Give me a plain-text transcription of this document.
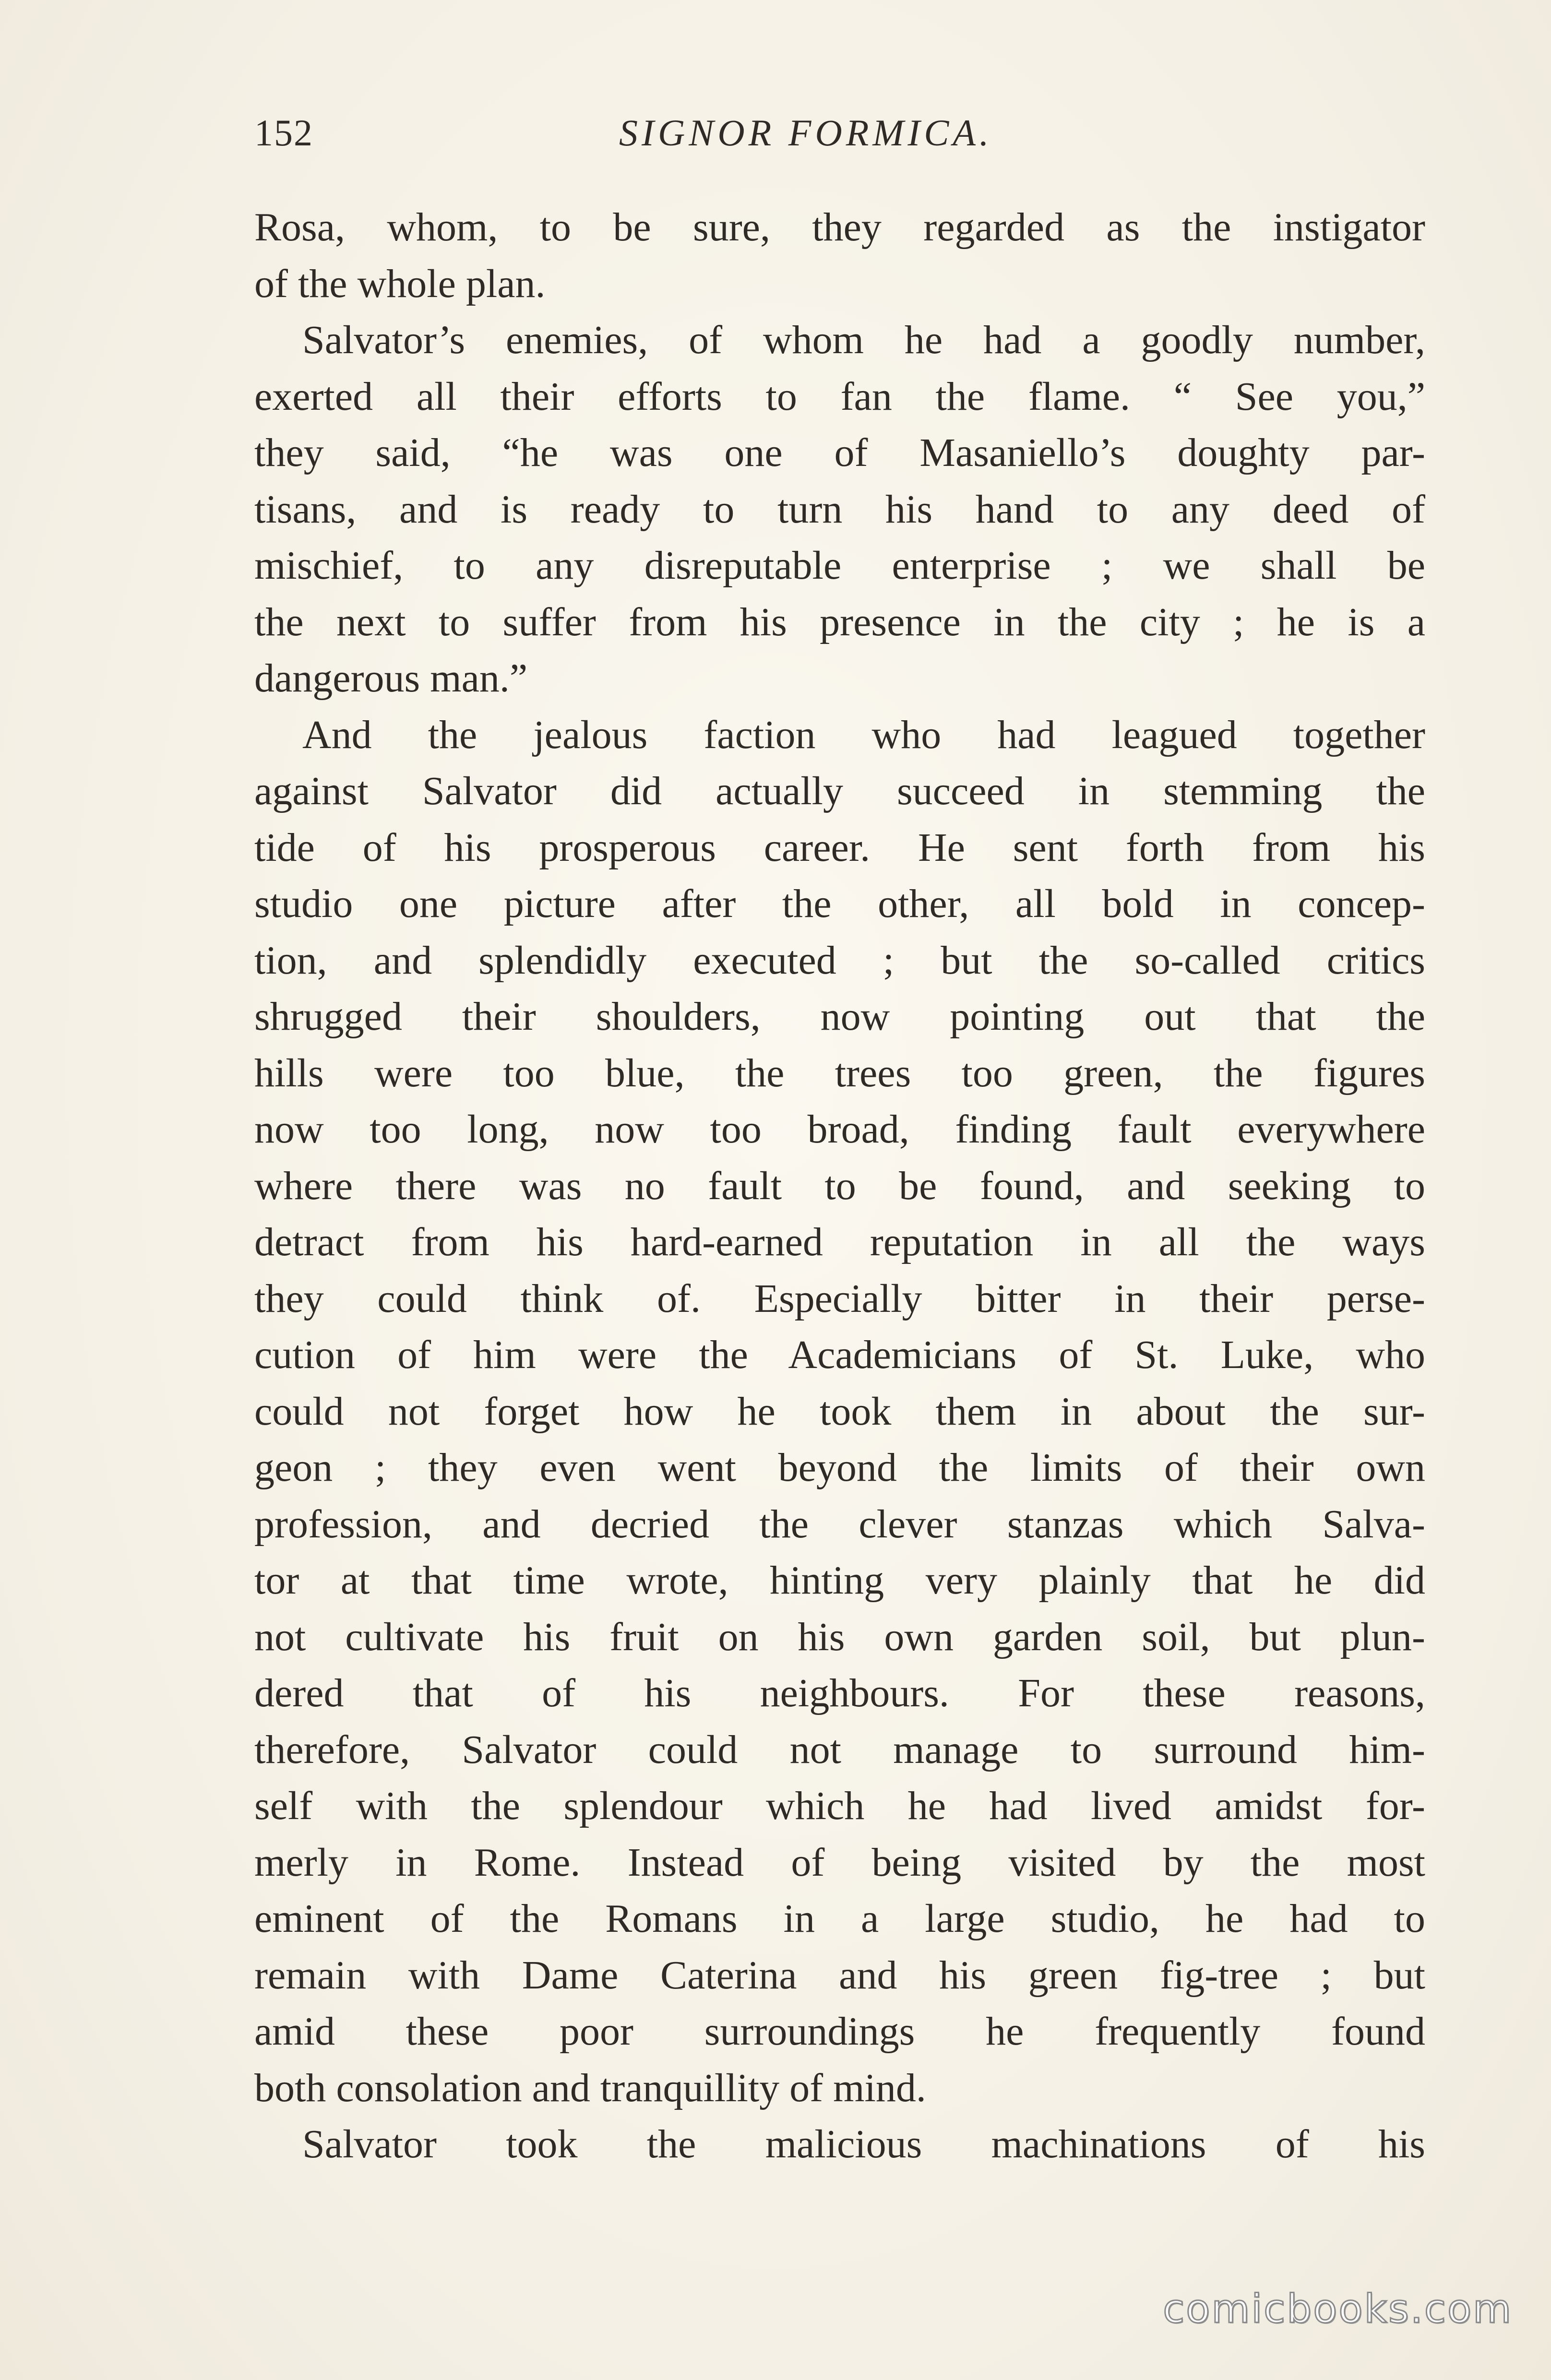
152	SIGNOR FORMICA.
Rosa, whom, to be sure, they regarded as the instigator
of the whole plan.
Salvator’s enemies, of whom he had a goodly number,
exerted all their efforts to fan the flame. “ See you,”
they said, “he was one of Masaniello’s doughty par-
tisans, and is ready to turn his hand to any deed of
mischief, to any disreputable enterprise ; we shall be
the next to suffer from his presence in the city ; he is a
dangerous man.”
And the jealous faction who had leagued together
against Salvator did actually succeed in stemming the
tide of his prosperous career. He sent forth from his
studio one picture after the other, all bold in concep-
tion, and splendidly executed ; but the so-called critics
shrugged their shoulders, now pointing out that the
hills were too blue, the trees too green, the figures
now too long, now too broad, finding fault everywhere
where there was no fault to be found, and seeking to
detract from his hard-earned reputation in all the ways
they could think of. Especially bitter in their perse-
cution of him were the Academicians of St. Luke, who
could not forget how he took them in about the sur-
geon ; they even went beyond the limits of their own
profession, and decried the clever stanzas which Salva-
tor at that time wrote, hinting very plainly that he did
not cultivate his fruit on his own garden soil, but plun-
dered that of his neighbours. For these reasons,
therefore, Salvator could not manage to surround him-
self with the splendour which he had lived amidst for-
merly in Rome. Instead of being visited by the most
eminent of the Romans in a large studio, he had to
remain with Dame Caterina and his green fig-tree ; but
amid these poor surroundings he frequently found
both consolation and tranquillity of mind.
Salvator took the malicious machinations of his
comicbooks.com
